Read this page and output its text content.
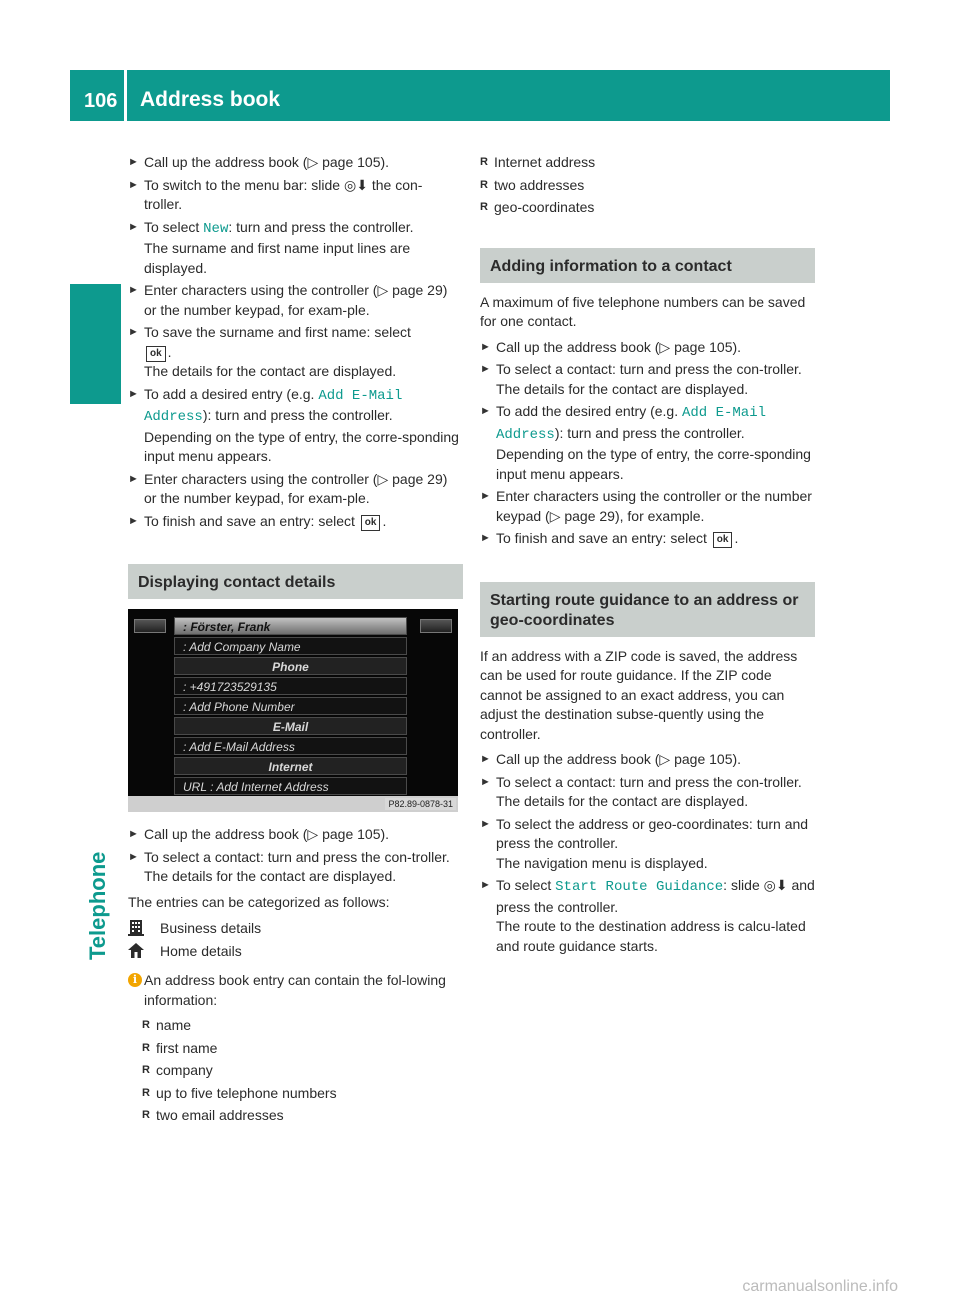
106 Address book
Telephone
► Call up the address book (▷ page 105).
► To switch to the menu bar: slide ◎⬇ the con-
troller.
► To select New: turn and press the controller.
The surname and first name input lines are displayed.
► Enter characters using the controller (▷ page 29) or the number keypad, for exam-ple.
► To save the surname and first name: select
ok .
The details for the contact are displayed.
► To add a desired entry (e.g. Add E-Mail Address): turn and press the controller.
Depending on the type of entry, the corre-sponding input menu appears.
► Enter characters using the controller (▷ page 29) or the number keypad, for exam-ple.
► To finish and save an entry: select ok .
Displaying contact details
: Förster, Frank
: Add Company Name
Phone
: +491723529135
: Add Phone Number
E-Mail
: Add E-Mail Address
Internet
URL : Add Internet Address
P82.89-0878-31
► Call up the address book (▷ page 105).
► To select a contact: turn and press the con-troller.
The details for the contact are displayed.
The entries can be categorized as follows:
Business details
Home details
i An address book entry can contain the fol-lowing information:
R name
R first name
R company
R up to five telephone numbers
R two email addresses
R Internet address
R two addresses
R geo-coordinates
Adding information to a contact
A maximum of five telephone numbers can be saved for one contact.
► Call up the address book (▷ page 105).
► To select a contact: turn and press the con-troller.
The details for the contact are displayed.
► To add the desired entry (e.g. Add E-Mail Address): turn and press the controller.
Depending on the type of entry, the corre-sponding input menu appears.
► Enter characters using the controller or the number keypad (▷ page 29), for example.
► To finish and save an entry: select ok .
Starting route guidance to an address or geo-coordinates
If an address with a ZIP code is saved, the address can be used for route guidance. If the ZIP code cannot be assigned to an exact address, you can adjust the destination subse-quently using the controller.
► Call up the address book (▷ page 105).
► To select a contact: turn and press the con-troller.
The details for the contact are displayed.
► To select the address or geo-coordinates: turn and press the controller.
The navigation menu is displayed.
► To select Start Route Guidance: slide ◎⬇ and press the controller.
The route to the destination address is calcu-lated and route guidance starts.
carmanualsonline.info
